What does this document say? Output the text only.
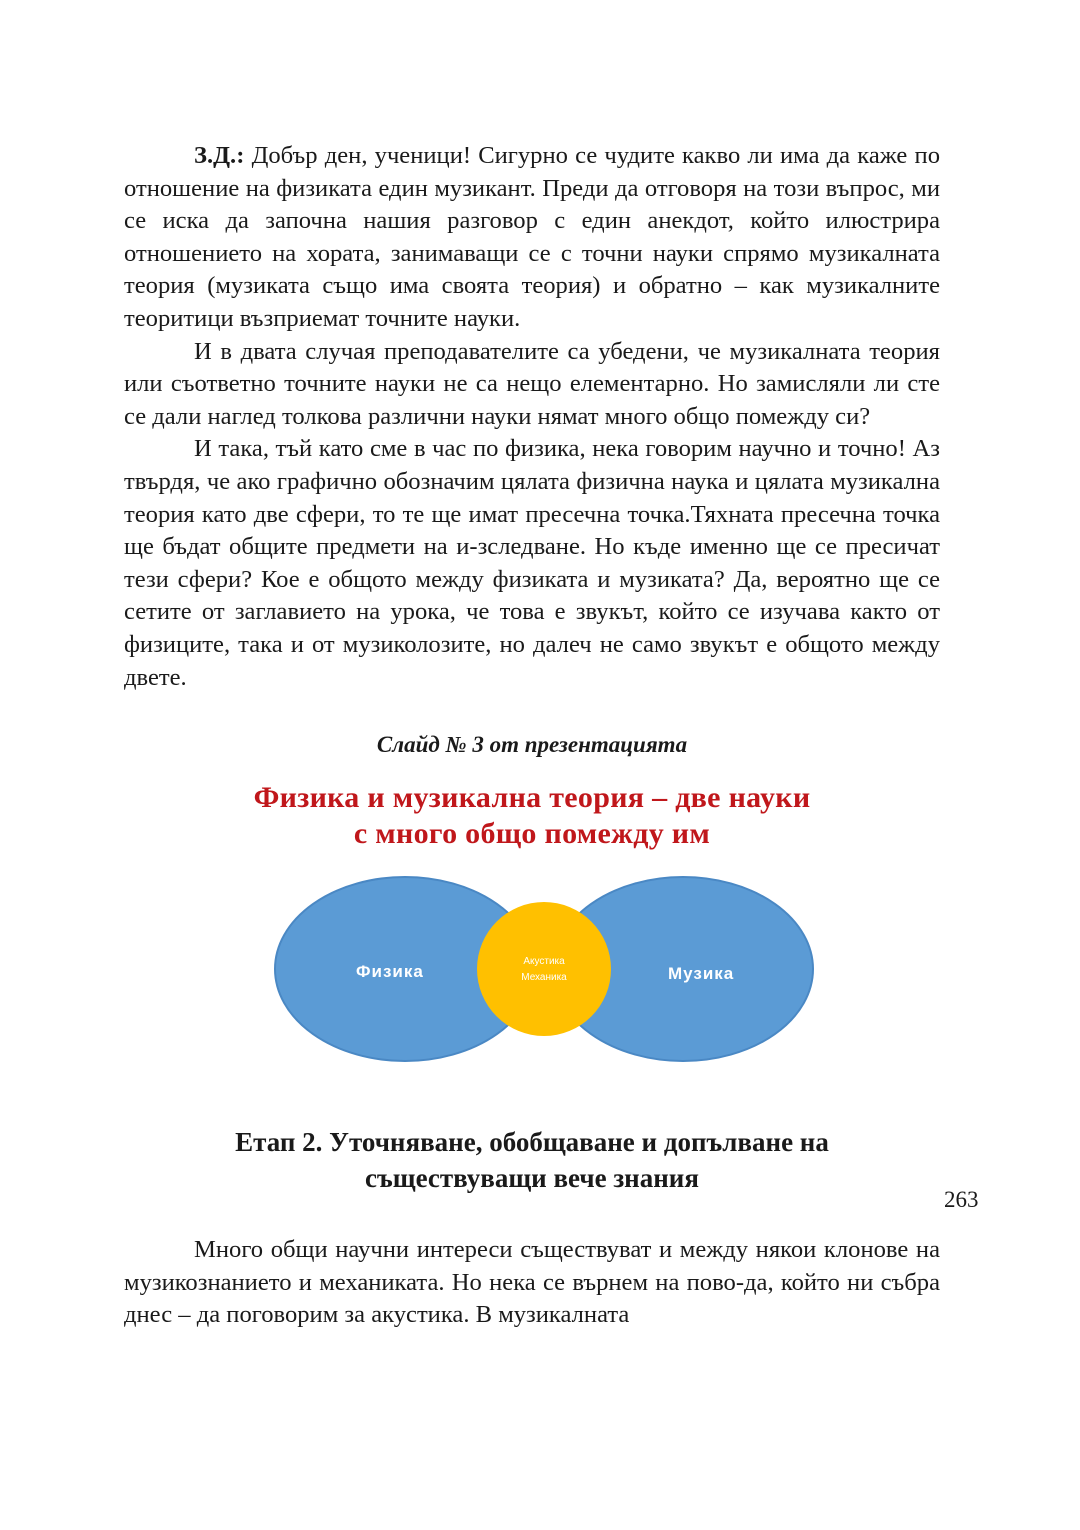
З.Д.: Добър ден, ученици! Сигурно се чудите какво ли има да каже по отношение на физиката един музикант. Преди да отговоря на този въпрос, ми се иска да започна нашия разговор с един анекдот, който илюстрира отношението на хората, занимаващи се с точни науки спрямо музикалната теория (музиката също има своята теория) и обратно – как музикалните теоритици възприемат точните науки.

И в двата случая преподавателите са убедени, че музикалната теория или съответно точните науки не са нещо елементарно. Но замисляли ли сте се дали наглед толкова различни науки нямат много общо помежду си?

И така, тъй като сме в час по физика, нека говорим научно и точно! Аз твърдя, че ако графично обозначим цялата физична наука и цялата музикална теория като две сфери, то те ще имат пресечна точка.Тяхната пресечна точка ще бъдат общите предмети на и-зследване. Но къде именно ще се пресичат тези сфери? Кое е общото между физиката и музиката? Да, вероятно ще се сетите от заглавието на урока, че това е звукът, който се изучава както от физиците, така и от музиколозите, но далеч не само звукът е общото между двете.

Слайд № 3 от презентацията

Физика и музикална теория – две науки
с много общо помежду им
Физика	Музика
Акустика
Механика
Етап 2. Уточняване, обобщаване и допълване на
съществуващи вече знания

Много общи научни интереси съществуват и между някои клонове на музикознанието и механиката. Но нека се върнем на пово-да, който ни събра днес – да поговорим за акустика. В музикалната

263
